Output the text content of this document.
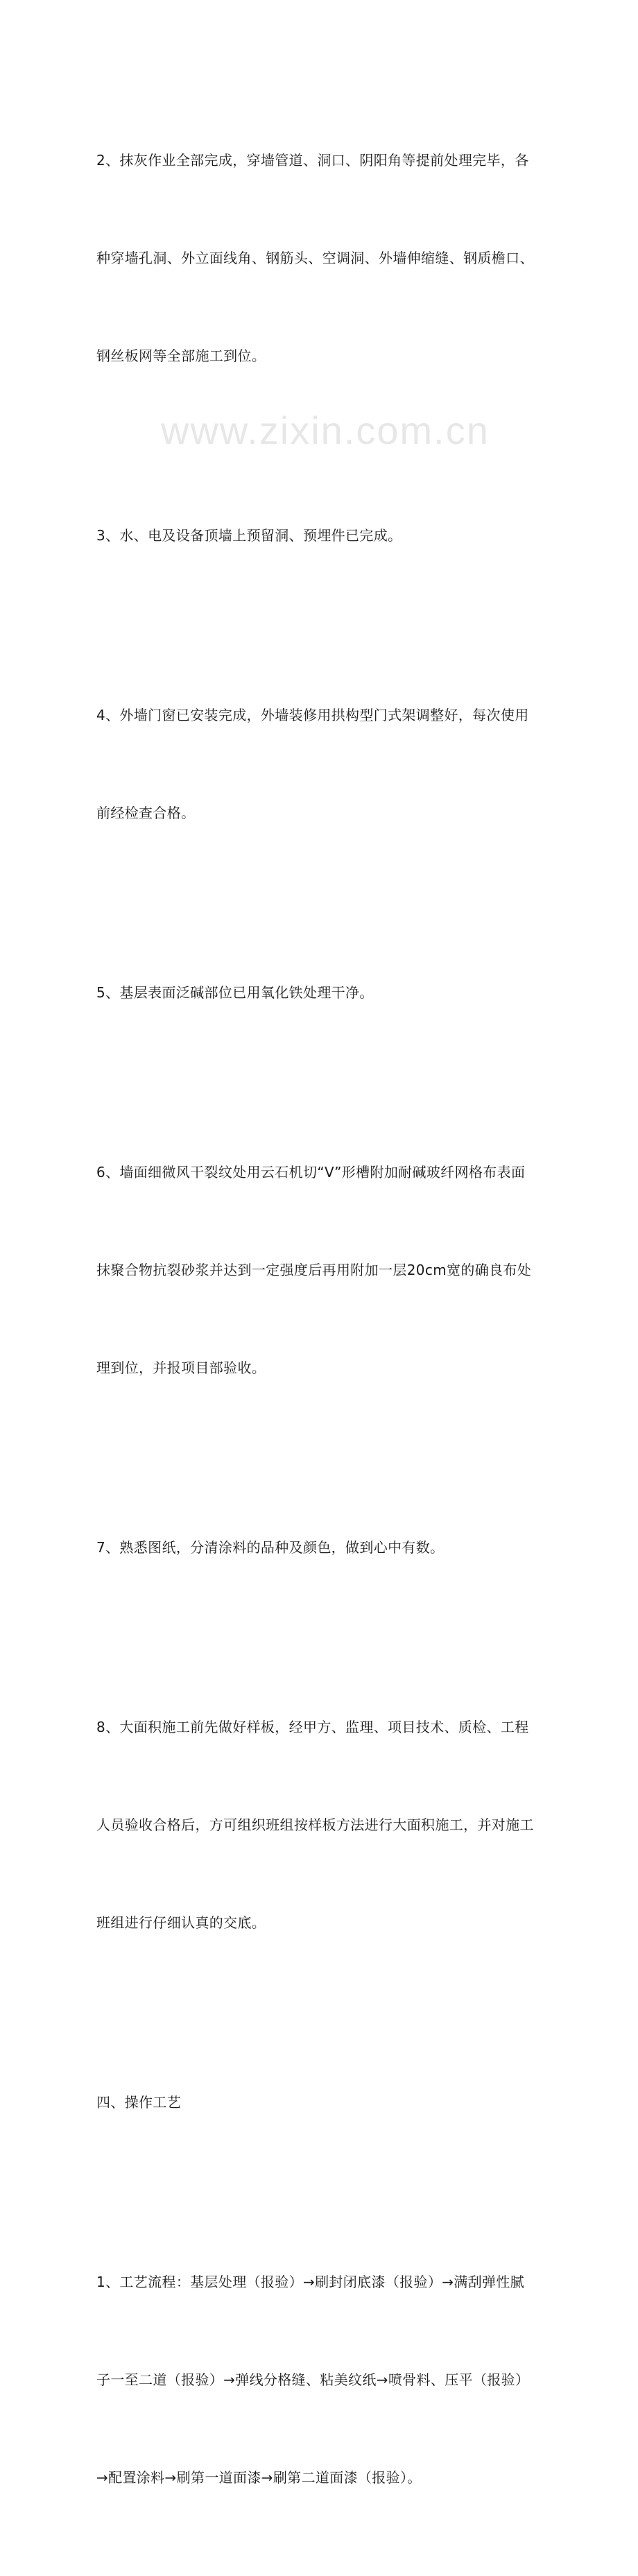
2、抹灰作业全部完成，穿墙管道、洞口、阴阳角等提前处理完毕，各

种穿墙孔洞、外立面线角、钢筋头、空调洞、外墙伸缩缝、钢质檐口、

钢丝板网等全部施工到位。

3、水、电及设备顶墙上预留洞、预埋件已完成。

4、外墙门窗已安装完成，外墙装修用拱构型门式架调整好，每次使用

前经检查合格。

5、基层表面泛碱部位已用氧化铁处理干净。

6、墙面细微风干裂纹处用云石机切“V”形槽附加耐碱玻纤网格布表面

抹聚合物抗裂砂浆并达到一定强度后再用附加一层20cm宽的确良布处

理到位，并报项目部验收。

7、熟悉图纸，分清涂料的品种及颜色，做到心中有数。

8、大面积施工前先做好样板，经甲方、监理、项目技术、质检、工程

人员验收合格后，方可组织班组按样板方法进行大面积施工，并对施工

班组进行仔细认真的交底。

四、操作工艺

1、工艺流程：基层处理（报验）→刷封闭底漆（报验）→满刮弹性腻

子一至二道（报验）→弹线分格缝、粘美纹纸→喷骨料、压平（报验）

→配置涂料→刷第一道面漆→刷第二道面漆（报验）。

www.zixin.com.cn
